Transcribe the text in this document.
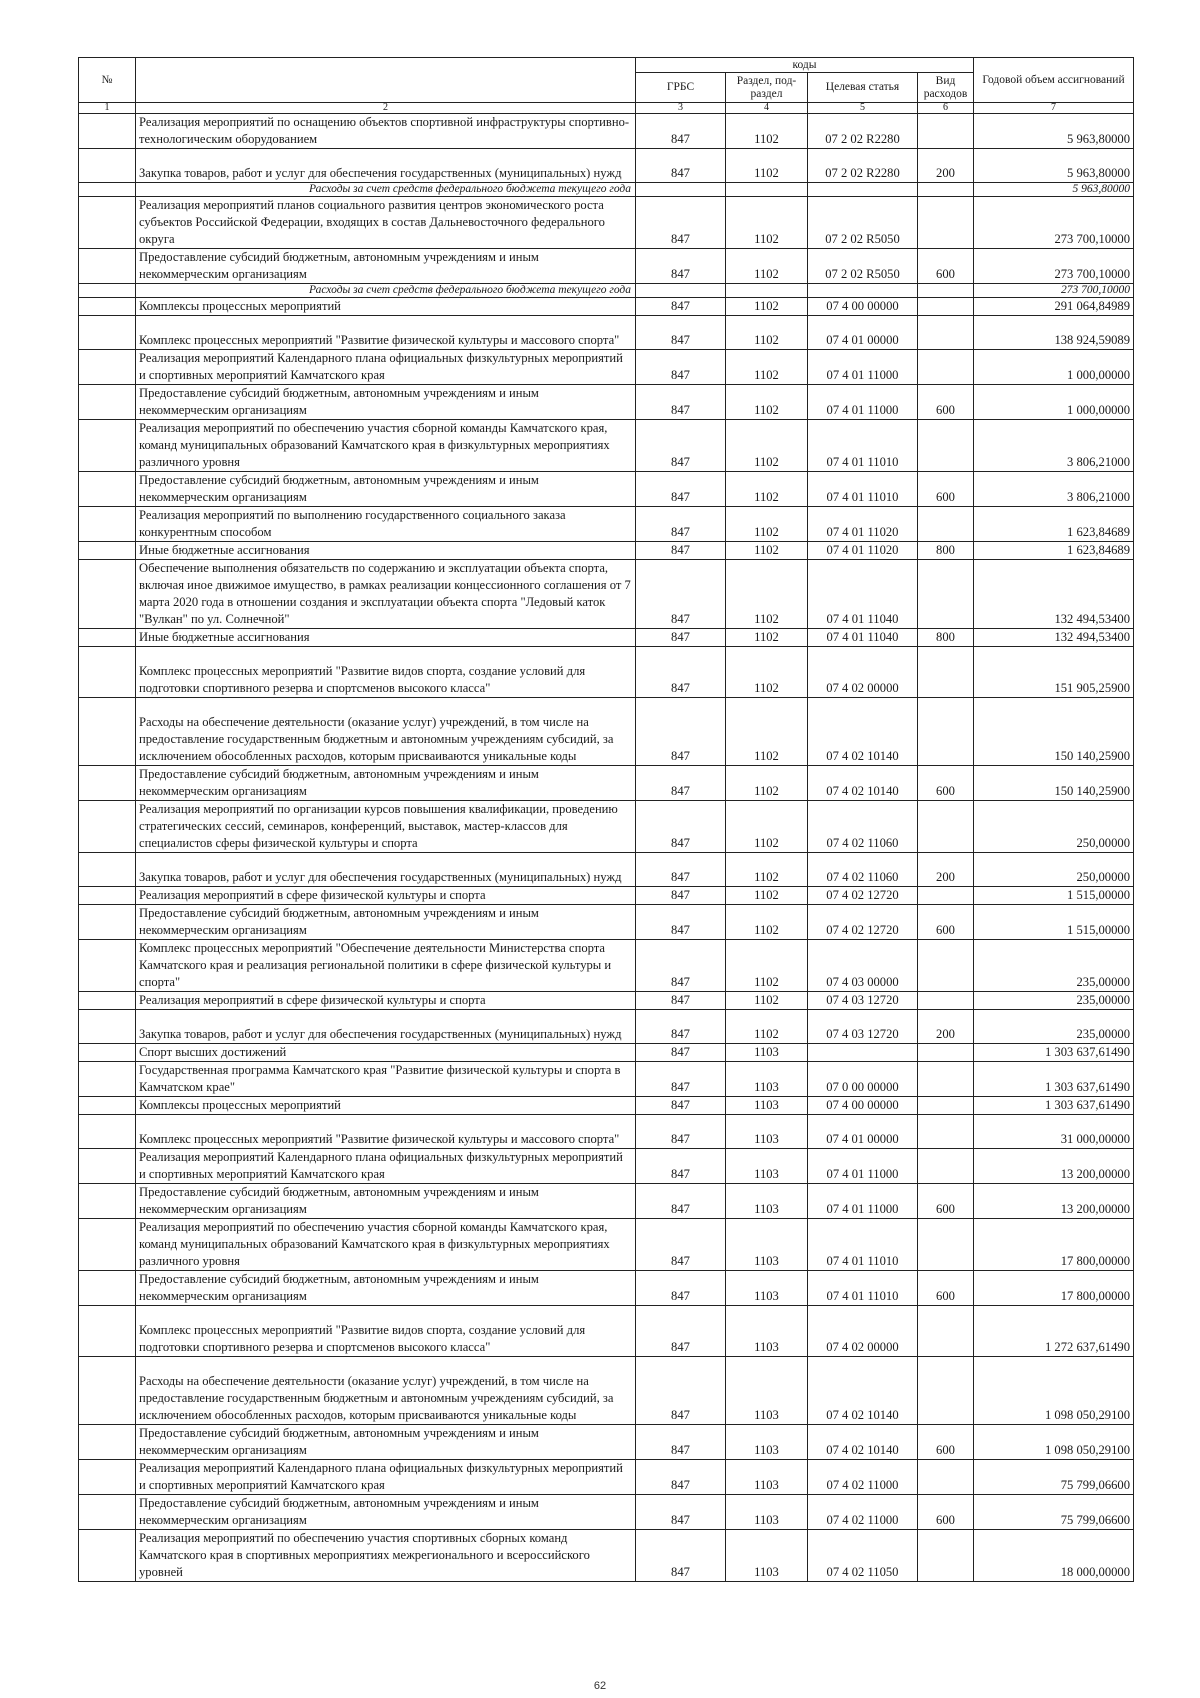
№		коды				Годовой объем ассигнований
		ГРБС	Раздел, под-раздел	Целевая статья	Вид расходов	
1	2	3	4	5	6	7
	Реализация мероприятий по оснащению объектов спортивной инфраструктуры спортивно-технологическим оборудованием	847	1102	07 2 02 R2280		5 963,80000
	Закупка товаров, работ и услуг для обеспечения государственных (муниципальных) нужд	847	1102	07 2 02 R2280	200	5 963,80000
	Расходы за счет средств федерального бюджета текущего года					5 963,80000
	Реализация мероприятий планов социального развития центров экономического роста субъектов Российской Федерации, входящих в состав Дальневосточного федерального округа	847	1102	07 2 02 R5050		273 700,10000
	Предоставление субсидий бюджетным, автономным учреждениям и иным некоммерческим организациям	847	1102	07 2 02 R5050	600	273 700,10000
	Расходы за счет средств федерального бюджета текущего года					273 700,10000
	Комплексы процессных мероприятий	847	1102	07 4 00 00000		291 064,84989
	Комплекс процессных мероприятий "Развитие физической культуры и массового спорта"	847	1102	07 4 01 00000		138 924,59089
	Реализация мероприятий Календарного плана официальных физкультурных мероприятий и спортивных мероприятий Камчатского края	847	1102	07 4 01 11000		1 000,00000
	Предоставление субсидий бюджетным, автономным учреждениям и иным некоммерческим организациям	847	1102	07 4 01 11000	600	1 000,00000
	Реализация мероприятий по обеспечению участия сборной команды Камчатского края, команд муниципальных образований Камчатского края в физкультурных мероприятиях различного уровня	847	1102	07 4 01 11010		3 806,21000
	Предоставление субсидий бюджетным, автономным учреждениям и иным некоммерческим организациям	847	1102	07 4 01 11010	600	3 806,21000
	Реализация мероприятий по выполнению государственного социального заказа конкурентным способом	847	1102	07 4 01 11020		1 623,84689
	Иные бюджетные ассигнования	847	1102	07 4 01 11020	800	1 623,84689
	Обеспечение выполнения обязательств по содержанию и эксплуатации объекта спорта, включая иное движимое имущество, в рамках реализации концессионного соглашения от 7 марта 2020 года в отношении создания и эксплуатации объекта спорта "Ледовый каток "Вулкан" по ул. Солнечной"	847	1102	07 4 01 11040		132 494,53400
	Иные бюджетные ассигнования	847	1102	07 4 01 11040	800	132 494,53400
	Комплекс процессных мероприятий "Развитие видов спорта, создание условий для подготовки спортивного резерва и спортсменов высокого класса"	847	1102	07 4 02 00000		151 905,25900
	Расходы на обеспечение деятельности (оказание услуг) учреждений, в том числе на предоставление государственным бюджетным и автономным учреждениям субсидий, за исключением обособленных расходов, которым присваиваются уникальные коды	847	1102	07 4 02 10140		150 140,25900
	Предоставление субсидий бюджетным, автономным учреждениям и иным некоммерческим организациям	847	1102	07 4 02 10140	600	150 140,25900
	Реализация мероприятий по организации курсов повышения квалификации, проведению стратегических сессий, семинаров, конференций, выставок, мастер-классов для специалистов сферы физической культуры и спорта	847	1102	07 4 02 11060		250,00000
	Закупка товаров, работ и услуг для обеспечения государственных (муниципальных) нужд	847	1102	07 4 02 11060	200	250,00000
	Реализация мероприятий в сфере физической культуры и спорта	847	1102	07 4 02 12720		1 515,00000
	Предоставление субсидий бюджетным, автономным учреждениям и иным некоммерческим организациям	847	1102	07 4 02 12720	600	1 515,00000
	Комплекс процессных мероприятий "Обеспечение деятельности Министерства спорта Камчатского края и реализация региональной политики в сфере физической культуры и спорта"	847	1102	07 4 03 00000		235,00000
	Реализация мероприятий в сфере физической культуры и спорта	847	1102	07 4 03 12720		235,00000
	Закупка товаров, работ и услуг для обеспечения государственных (муниципальных) нужд	847	1102	07 4 03 12720	200	235,00000
	Спорт высших достижений	847	1103			1 303 637,61490
	Государственная программа Камчатского края "Развитие физической культуры и спорта в Камчатском крае"	847	1103	07 0 00 00000		1 303 637,61490
	Комплексы процессных мероприятий	847	1103	07 4 00 00000		1 303 637,61490
	Комплекс процессных мероприятий "Развитие физической культуры и массового спорта"	847	1103	07 4 01 00000		31 000,00000
	Реализация мероприятий Календарного плана официальных физкультурных мероприятий и спортивных мероприятий Камчатского края	847	1103	07 4 01 11000		13 200,00000
	Предоставление субсидий бюджетным, автономным учреждениям и иным некоммерческим организациям	847	1103	07 4 01 11000	600	13 200,00000
	Реализация мероприятий по обеспечению участия сборной команды Камчатского края, команд муниципальных образований Камчатского края в физкультурных мероприятиях различного уровня	847	1103	07 4 01 11010		17 800,00000
	Предоставление субсидий бюджетным, автономным учреждениям и иным некоммерческим организациям	847	1103	07 4 01 11010	600	17 800,00000
	Комплекс процессных мероприятий "Развитие видов спорта, создание условий для подготовки спортивного резерва и спортсменов высокого класса"	847	1103	07 4 02 00000		1 272 637,61490
	Расходы на обеспечение деятельности (оказание услуг) учреждений, в том числе на предоставление государственным бюджетным и автономным учреждениям субсидий, за исключением обособленных расходов, которым присваиваются уникальные коды	847	1103	07 4 02 10140		1 098 050,29100
	Предоставление субсидий бюджетным, автономным учреждениям и иным некоммерческим организациям	847	1103	07 4 02 10140	600	1 098 050,29100
	Реализация мероприятий Календарного плана официальных физкультурных мероприятий и спортивных мероприятий Камчатского края	847	1103	07 4 02 11000		75 799,06600
	Предоставление субсидий бюджетным, автономным учреждениям и иным некоммерческим организациям	847	1103	07 4 02 11000	600	75 799,06600
	Реализация мероприятий по обеспечению участия спортивных сборных команд Камчатского края в спортивных мероприятиях межрегионального и всероссийского уровней	847	1103	07 4 02 11050		18 000,00000
62
